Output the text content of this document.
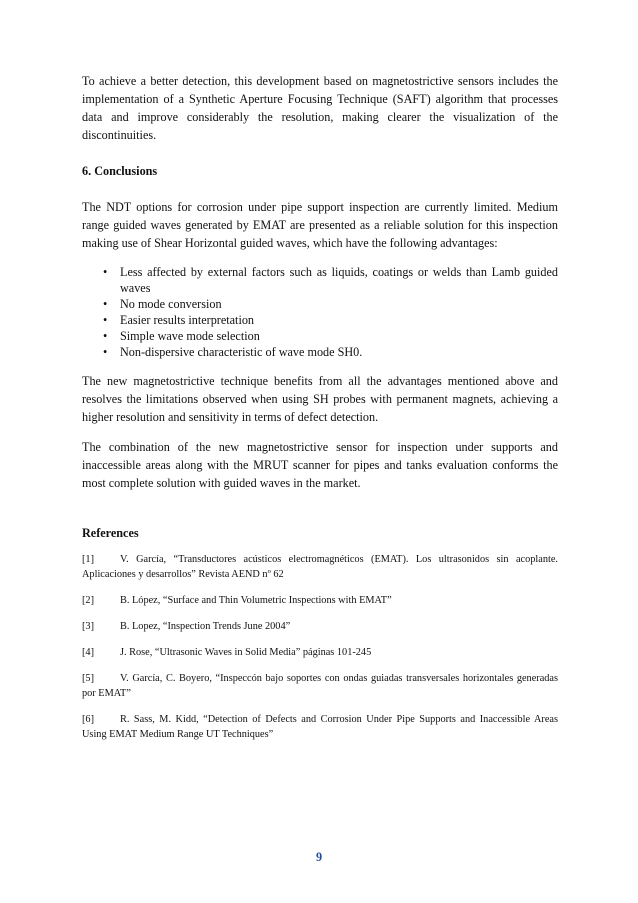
To achieve a better detection, this development based on magnetostrictive sensors includes the implementation of a Synthetic Aperture Focusing Technique (SAFT) algorithm that processes data and improve considerably the resolution, making clearer the visualization of the discontinuities.

6. Conclusions

The NDT options for corrosion under pipe support inspection are currently limited. Medium range guided waves generated by EMAT are presented as a reliable solution for this inspection making use of Shear Horizontal guided waves, which have the following advantages:

• Less affected by external factors such as liquids, coatings or welds than Lamb guided waves
• No mode conversion
• Easier results interpretation
• Simple wave mode selection
• Non-dispersive characteristic of wave mode SH0.

The new magnetostrictive technique benefits from all the advantages mentioned above and resolves the limitations observed when using SH probes with permanent magnets, achieving a higher resolution and sensitivity in terms of defect detection.

The combination of the new magnetostrictive sensor for inspection under supports and inaccessible areas along with the MRUT scanner for pipes and tanks evaluation conforms the most complete solution with guided waves in the market.

References

[1]	V. García, “Transductores acústicos electromagnéticos (EMAT). Los ultrasonidos sin acoplante. Aplicaciones y desarrollos” Revista AEND nº 62

[2]	B. López, “Surface and Thin Volumetric Inspections with EMAT”

[3]	B. Lopez, “Inspection Trends June 2004”

[4]	J. Rose, “Ultrasonic Waves in Solid Media” páginas 101-245

[5]	V. García, C. Boyero, “Inspeccón bajo soportes con ondas guiadas transversales horizontales generadas por EMAT”

[6]	R. Sass, M. Kidd, “Detection of Defects and Corrosion Under Pipe Supports and Inaccessible Areas Using EMAT Medium Range UT Techniques”

9
